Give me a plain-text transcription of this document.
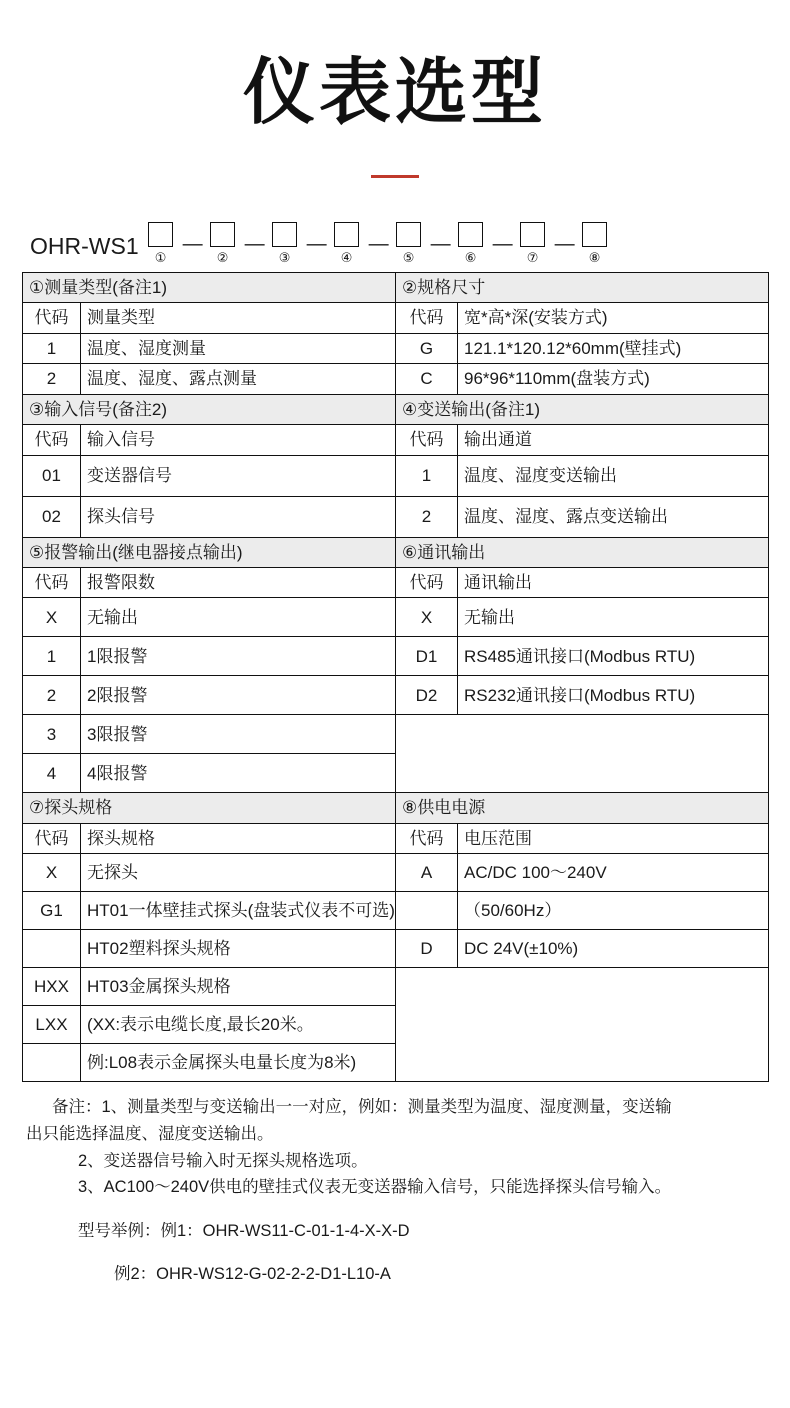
仪表选型
OHR-WS1 ①
—
②
—
③
—
④
—
⑤
—
⑥
—
⑦
—
⑧
①测量类型(备注1)		②规格尺寸	
代码	测量类型	代码	宽*高*深(安装方式)
1	温度、湿度测量	G	121.1*120.12*60mm(壁挂式)
2	温度、湿度、露点测量	C	96*96*110mm(盘装方式)
③输入信号(备注2)		④变送输出(备注1)	
代码	输入信号	代码	输出通道
01	变送器信号	1	温度、湿度变送输出
02	探头信号	2	温度、湿度、露点变送输出
⑤报警输出(继电器接点输出)		⑥通讯输出	
代码	报警限数	代码	通讯输出
X	无输出	X	无输出
1	1限报警	D1	RS485通讯接口(Modbus RTU)
2	2限报警	D2	RS232通讯接口(Modbus RTU)
3	3限报警		
4	4限报警		
⑦探头规格		⑧供电电源	
代码	探头规格	代码	电压范围
X	无探头	A	AC/DC 100～240V
G1	HT01一体壁挂式探头(盘装式仪表不可选)		（50/60Hz）
	HT02塑料探头规格	D	DC 24V(±10%)
HXX	HT03金属探头规格		
LXX	(XX:表示电缆长度,最长20米。		
	例:L08表示金属探头电量长度为8米)		

备注：1、测量类型与变送输出一一对应，例如：测量类型为温度、湿度测量，变送输

出只能选择温度、湿度变送输出。

2、变送器信号输入时无探头规格选项。

3、AC100～240V供电的壁挂式仪表无变送器输入信号，只能选择探头信号输入。

型号举例：例1：OHR-WS11-C-01-1-4-X-X-D

例2：OHR-WS12-G-02-2-2-D1-L10-A
